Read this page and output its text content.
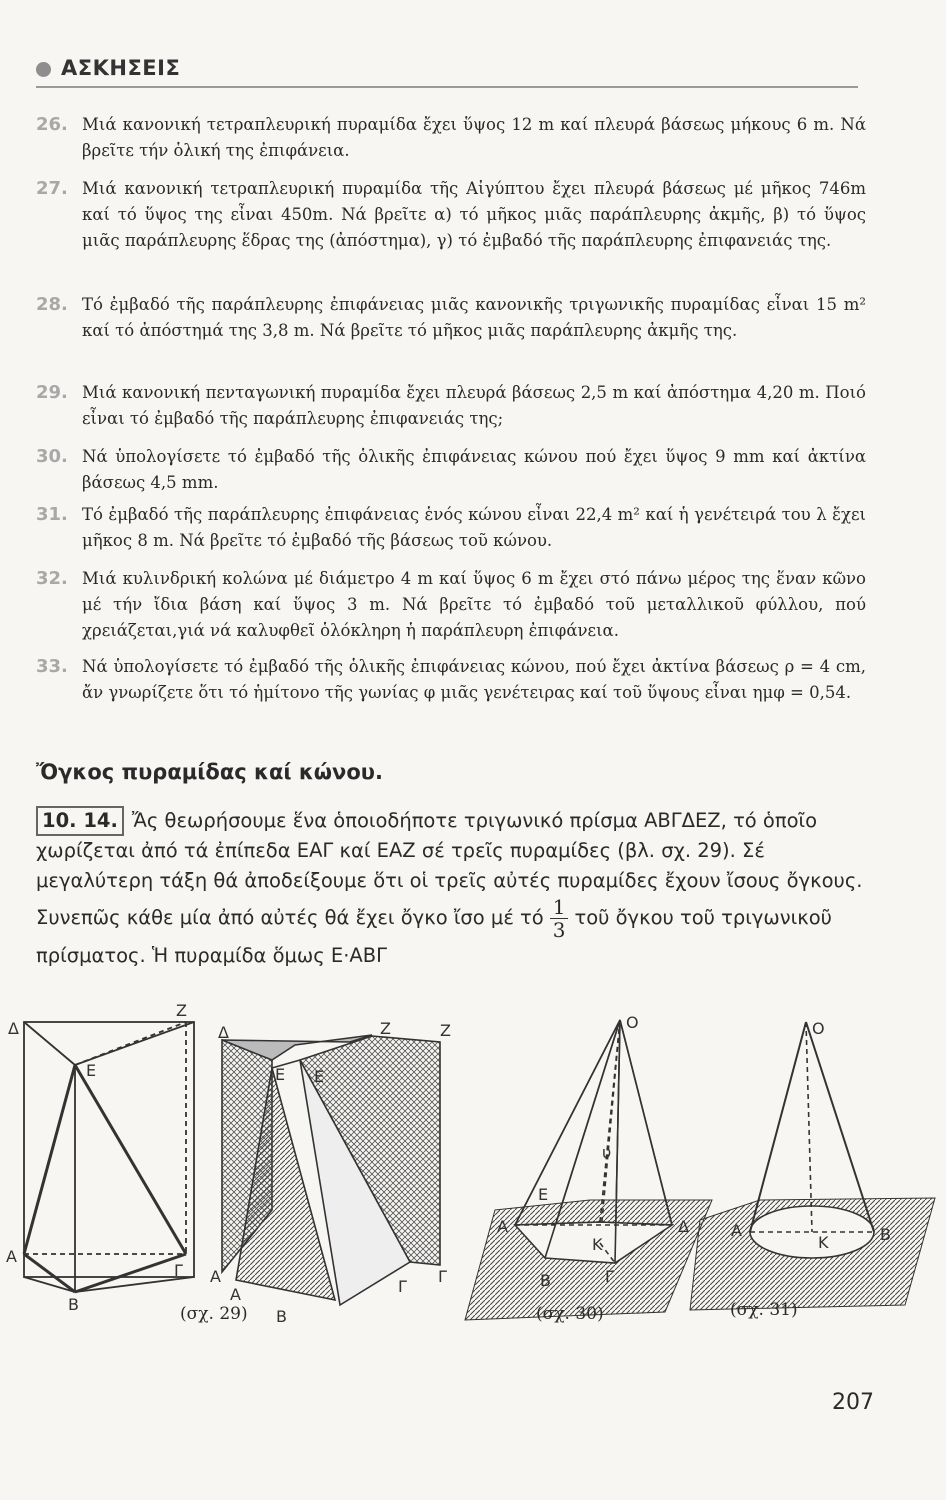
ΑΣΚΗΣΕΙΣ
26. Μιά κανονική τετραπλευρική πυραμίδα ἔχει ὕψος 12 m καί πλευρά βάσεως μήκους 6 m. Νά βρεῖτε τήν ὁλική της ἐπιφάνεια.
27. Μιά κανονική τετραπλευρική πυραμίδα τῆς Αἰγύπτου ἔχει πλευρά βάσεως μέ μῆκος 746m καί τό ὕψος της εἶναι 450m. Νά βρεῖτε α) τό μῆκος μιᾶς παράπλευρης ἀκμῆς, β) τό ὕψος μιᾶς παράπλευρης ἕδρας της (ἀπόστημα), γ) τό ἐμβαδό τῆς παράπλευρης ἐπιφανειάς της.
28. Τό ἐμβαδό τῆς παράπλευρης ἐπιφάνειας μιᾶς κανονικῆς τριγωνικῆς πυραμίδας εἶναι 15 m² καί τό ἀπόστημά της 3,8 m. Νά βρεῖτε τό μῆκος μιᾶς παράπλευρης ἀκμῆς της.
29. Μιά κανονική πενταγωνική πυραμίδα ἔχει πλευρά βάσεως 2,5 m καί ἀπόστημα 4,20 m. Ποιό εἶναι τό ἐμβαδό τῆς παράπλευρης ἐπιφανειάς της;
30. Νά ὑπολογίσετε τό ἐμβαδό τῆς ὁλικῆς ἐπιφάνειας κώνου πού ἔχει ὕψος 9 mm καί ἀκτίνα βάσεως 4,5 mm.
31. Τό ἐμβαδό τῆς παράπλευρης ἐπιφάνειας ἑνός κώνου εἶναι 22,4 m² καί ἡ γενέτειρά του λ ἔχει μῆκος 8 m. Νά βρεῖτε τό ἐμβαδό τῆς βάσεως τοῦ κώνου.
32. Μιά κυλινδρική κολώνα μέ διάμετρο 4 m καί ὕψος 6 m ἔχει στό πάνω μέρος της ἕναν κῶνο μέ τήν ἴδια βάση καί ὕψος 3 m. Νά βρεῖτε τό ἐμβαδό τοῦ μεταλλικοῦ φύλλου, πού χρειάζεται,γιά νά καλυφθεῖ ὁλόκληρη ἡ παράπλευρη ἐπιφάνεια.
33. Νά ὑπολογίσετε τό ἐμβαδό τῆς ὁλικῆς ἐπιφάνειας κώνου, πού ἔχει ἀκτίνα βάσεως ρ = 4 cm, ἄν γνωρίζετε ὅτι τό ἡμίτονο τῆς γωνίας φ μιᾶς γενέτειρας καί τοῦ ὕψους εἶναι ημφ = 0,54.
Ὄγκος πυραμίδας καί κώνου.
10. 14. Ἄς θεωρήσουμε ἕνα ὁποιοδήποτε τριγωνικό πρίσμα ΑΒΓΔΕΖ, τό ὁποῖο χωρίζεται ἀπό τά ἐπίπεδα ΕΑΓ καί ΕΑΖ σέ τρεῖς πυραμίδες (βλ. σχ. 29). Σέ μεγαλύτερη τάξη θά ἀποδείξουμε ὅτι οἱ τρεῖς αὐτές πυραμίδες ἔχουν ἴσους ὄγκους. Συνεπῶς κάθε μία ἀπό αὐτές θά ἔχει ὄγκο ἴσο μέ τό $\frac{1}{3}$ τοῦ ὄγκου τοῦ τριγωνικοῦ πρίσματος. Ἡ πυραμίδα ὅμως Ε·ΑΒΓ
Δ
Z
E
A
Γ
B
Δ	Z	Z
E E
A
A	Γ
Γ
B
O
υ
E
A	Δ
K
B	Γ
O
A
K	B
(σχ. 29)	(σχ. 30)	(σχ. 31)
207
